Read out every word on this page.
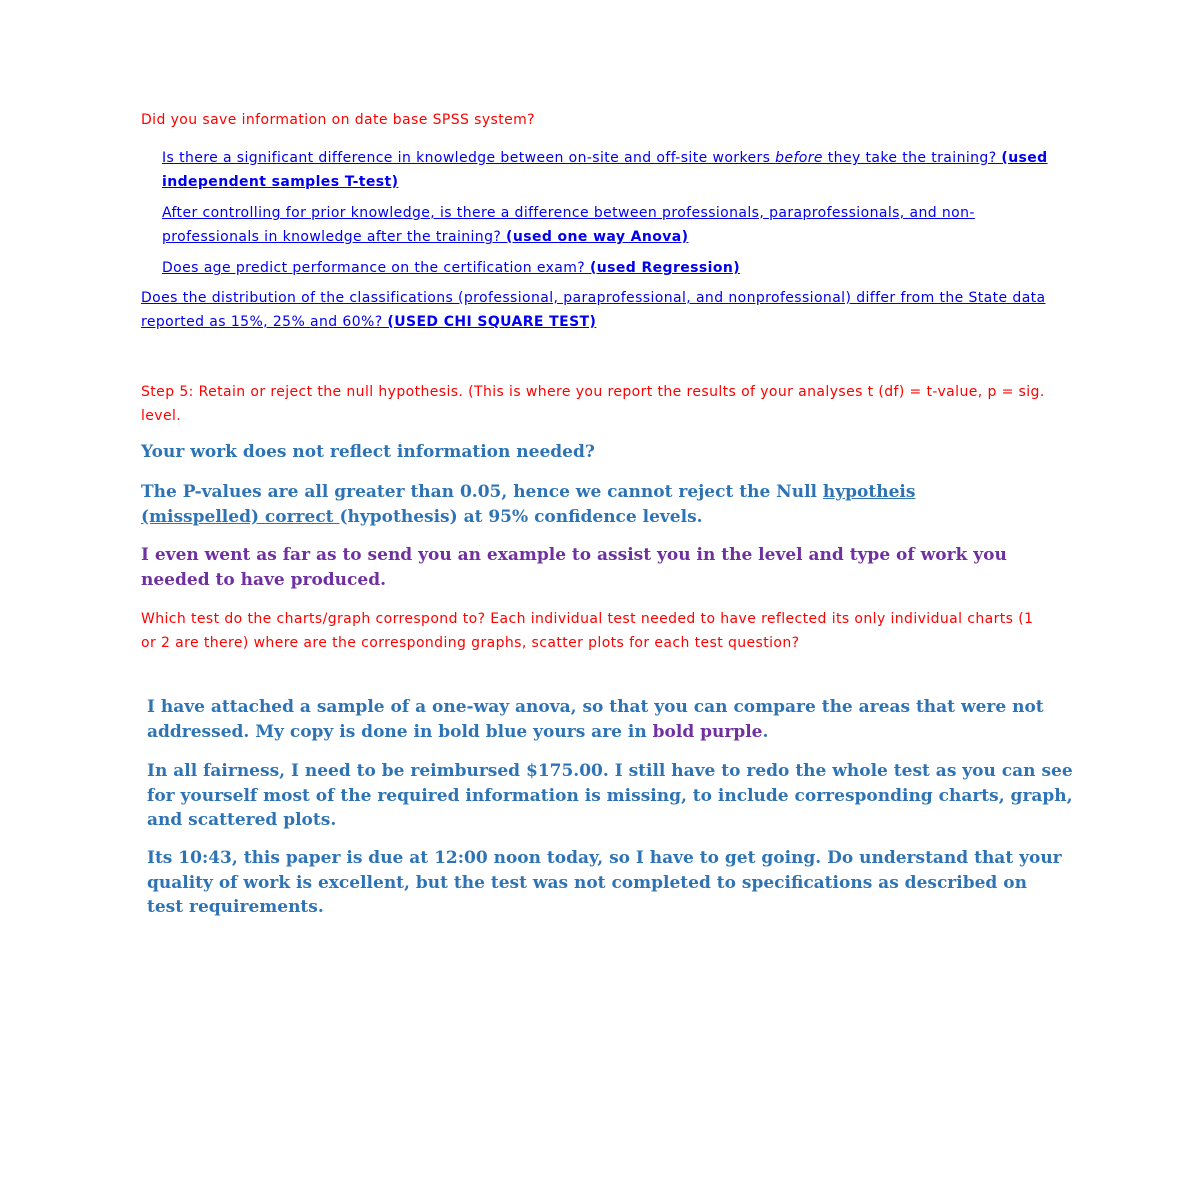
Did you save information on date base SPSS system?

Is there a significant difference in knowledge between on-site and off-site workers before they take the training? (used independent samples T-test)

After controlling for prior knowledge, is there a difference between professionals, paraprofessionals, and non-professionals in knowledge after the training? (used one way Anova)

Does age predict performance on the certification exam? (used Regression)

Does the distribution of the classifications (professional, paraprofessional, and nonprofessional) differ from the State data reported as 15%, 25% and 60%? (USED CHI SQUARE TEST)

Step 5: Retain or reject the null hypothesis. (This is where you report the results of your analyses t (df) = t-value, p = sig. level.

Your work does not reflect information needed?

The P-values are all greater than 0.05, hence we cannot reject the Null hypotheis (misspelled) correct (hypothesis) at 95% confidence levels.

I even went as far as to send you an example to assist you in the level and type of work you needed to have produced.

Which test do the charts/graph correspond to? Each individual test needed to have reflected its only individual charts (1 or 2 are there) where are the corresponding graphs, scatter plots for each test question?

I have attached a sample of a one-way anova, so that you can compare the areas that were not addressed. My copy is done in bold blue yours are in bold purple.

In all fairness, I need to be reimbursed $175.00. I still have to redo the whole test as you can see for yourself most of the required information is missing, to include corresponding charts, graph, and scattered plots.

Its 10:43, this paper is due at 12:00 noon today, so I have to get going. Do understand that your quality of work is excellent, but the test was not completed to specifications as described on test requirements.
